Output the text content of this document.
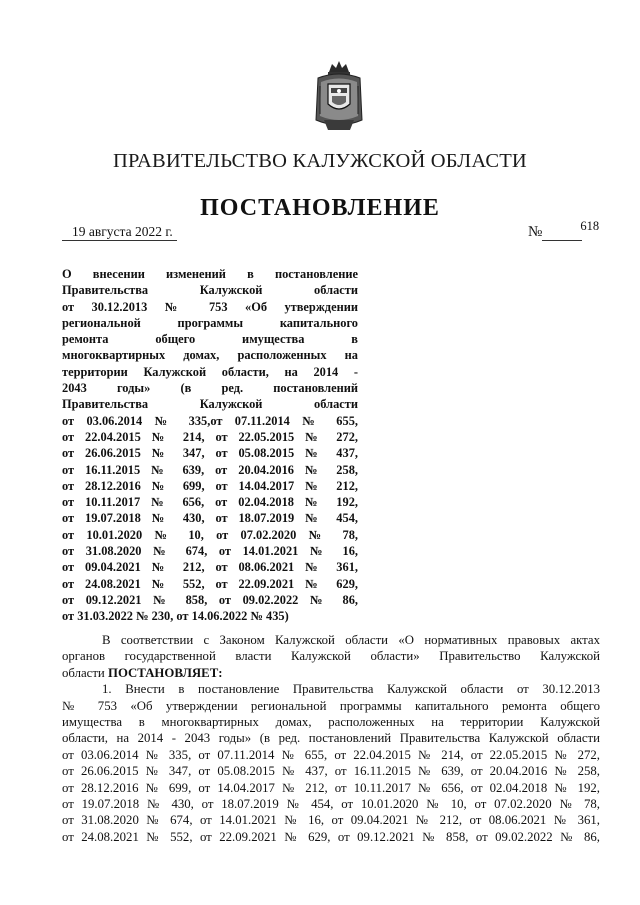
ПРАВИТЕЛЬСТВО КАЛУЖСКОЙ ОБЛАСТИ
ПОСТАНОВЛЕНИЕ
19 августа 2022 г.	№	618
О внесении изменений в постановление
Правительства Калужской области
от 30.12.2013 № 753 «Об утверждении
региональной программы капитального
ремонта общего имущества в
многоквартирных домах, расположенных на
территории Калужской области, на 2014 -
2043 годы» (в ред. постановлений
Правительства Калужской области
от 03.06.2014 № 335,от 07.11.2014 № 655,
от 22.04.2015 № 214, от 22.05.2015 № 272,
от 26.06.2015 № 347, от 05.08.2015 № 437,
от 16.11.2015 № 639, от 20.04.2016 № 258,
от 28.12.2016 № 699, от 14.04.2017 № 212,
от 10.11.2017 № 656, от 02.04.2018 № 192,
от 19.07.2018 № 430, от 18.07.2019 № 454,
от 10.01.2020 № 10, от 07.02.2020 № 78,
от 31.08.2020 № 674, от 14.01.2021 № 16,
от 09.04.2021 № 212, от 08.06.2021 № 361,
от 24.08.2021 № 552, от 22.09.2021 № 629,
от 09.12.2021 № 858, от 09.02.2022 № 86,
от 31.03.2022 № 230, от 14.06.2022 № 435)
В соответствии с Законом Калужской области «О нормативных правовых актах
органов государственной власти Калужской области» Правительство Калужской
области ПОСТАНОВЛЯЕТ:
1. Внести в постановление Правительства Калужской области от 30.12.2013
№ 753 «Об утверждении региональной программы капитального ремонта общего
имущества в многоквартирных домах, расположенных на территории Калужской
области, на 2014 - 2043 годы» (в ред. постановлений Правительства Калужской области
от 03.06.2014 № 335, от 07.11.2014 № 655, от 22.04.2015 № 214, от 22.05.2015 № 272,
от 26.06.2015 № 347, от 05.08.2015 № 437, от 16.11.2015 № 639, от 20.04.2016 № 258,
от 28.12.2016 № 699, от 14.04.2017 № 212, от 10.11.2017 № 656, от 02.04.2018 № 192,
от 19.07.2018 № 430, от 18.07.2019 № 454, от 10.01.2020 № 10, от 07.02.2020 № 78,
от 31.08.2020 № 674, от 14.01.2021 № 16, от 09.04.2021 № 212, от 08.06.2021 № 361,
от 24.08.2021 № 552, от 22.09.2021 № 629, от 09.12.2021 № 858, от 09.02.2022 № 86,
